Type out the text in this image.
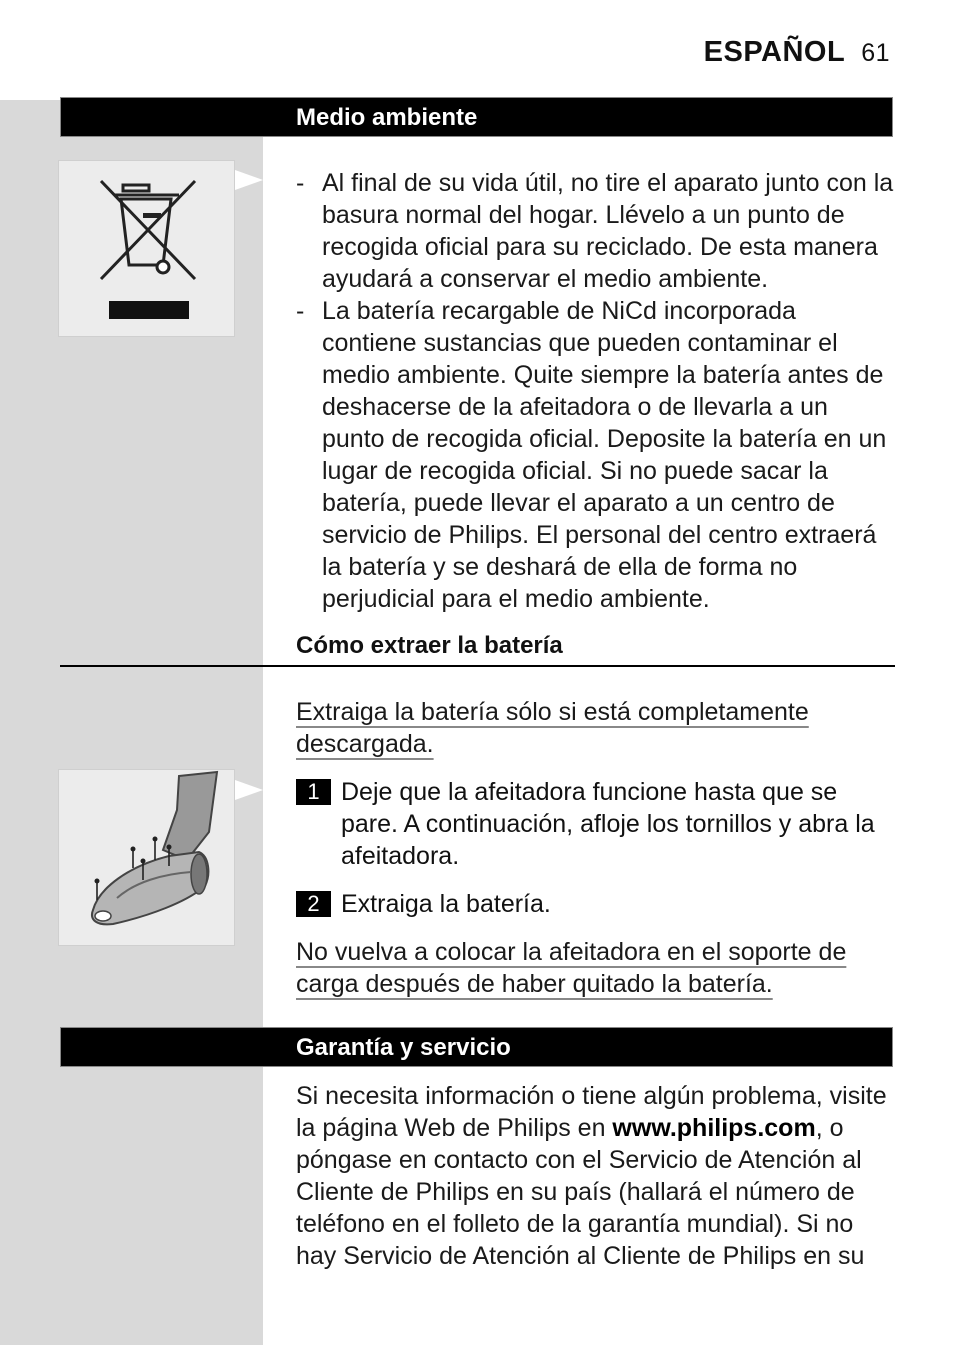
ESPAÑOL 61
Medio ambiente
- Al final de su vida útil, no tire el aparato junto con la basura normal del hogar. Llévelo a un punto de recogida oficial para su reciclado. De esta manera ayudará a conservar el medio ambiente.
- La batería recargable de NiCd incorporada contiene sustancias que pueden contaminar el medio ambiente. Quite siempre la batería antes de deshacerse de la afeitadora o de llevarla a un punto de recogida oficial. Deposite la batería en un lugar de recogida oficial. Si no puede sacar la batería, puede llevar el aparato a un centro de servicio de Philips. El personal del centro extraerá la batería y se deshará de ella de forma no perjudicial para el medio ambiente.
Cómo extraer la batería
Extraiga la batería sólo si está completamente descargada.
1 Deje que la afeitadora funcione hasta que se pare. A continuación, afloje los tornillos y abra la afeitadora.
2 Extraiga la batería.
No vuelva a colocar la afeitadora en el soporte de carga después de haber quitado la batería.
Garantía y servicio
Si necesita información o tiene algún problema, visite la página Web de Philips en www.philips.com, o póngase en contacto con el Servicio de Atención al Cliente de Philips en su país (hallará el número de teléfono en el folleto de la garantía mundial). Si no hay Servicio de Atención al Cliente de Philips en su
